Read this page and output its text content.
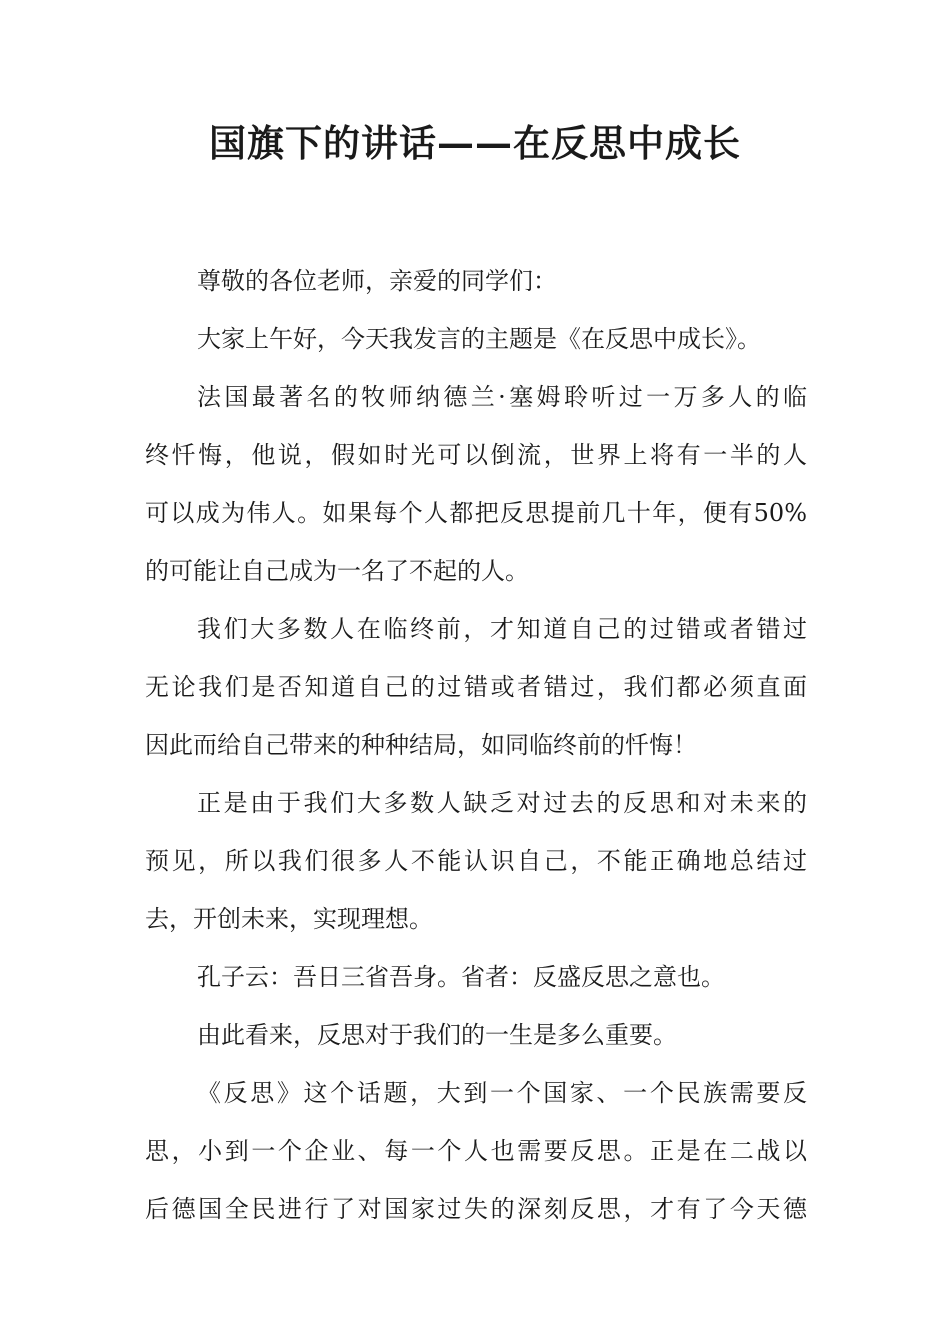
国旗下的讲话——在反思中成长
尊敬的各位老师，亲爱的同学们：
大家上午好，今天我发言的主题是《在反思中成长》。
法国最著名的牧师纳德兰·塞姆聆听过一万多人的临
终忏悔，他说，假如时光可以倒流，世界上将有一半的人
可以成为伟人。如果每个人都把反思提前几十年，便有50%
的可能让自己成为一名了不起的人。
我们大多数人在临终前，才知道自己的过错或者错过
无论我们是否知道自己的过错或者错过，我们都必须直面
因此而给自己带来的种种结局，如同临终前的忏悔！
正是由于我们大多数人缺乏对过去的反思和对未来的
预见，所以我们很多人不能认识自己，不能正确地总结过
去，开创未来，实现理想。
孔子云：吾日三省吾身。省者：反盛反思之意也。
由此看来，反思对于我们的一生是多么重要。
《反思》这个话题，大到一个国家、一个民族需要反
思，小到一个企业、每一个人也需要反思。正是在二战以
后德国全民进行了对国家过失的深刻反思，才有了今天德
